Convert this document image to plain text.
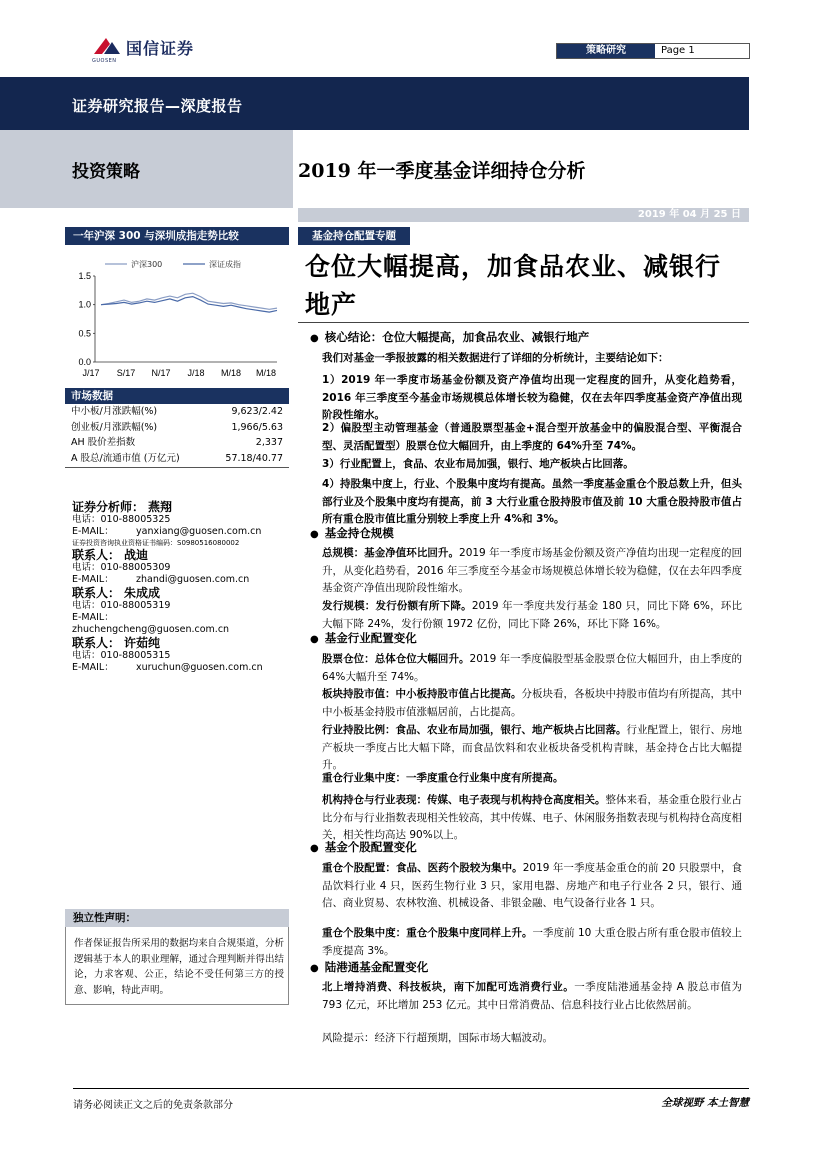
国信证券
GUOSEN
策略研究	Page 1
证券研究报告—深度报告
投资策略	2019 年一季度基金详细持仓分析
2019 年 04 月 25 日
一年沪深 300 与深圳成指走势比较
0.0
0.5
1.0
1.5
J/17 S/17 N/17 J/18 M/18 M/18
沪深300	深证成指
市场数据
中小板/月涨跌幅(%)	9,623/2.42
创业板/月涨跌幅(%)	1,966/5.63
AH 股价差指数	2,337
A 股总/流通市值 (万亿元)	57.18/40.77
证券分析师： 燕翔
电话：010-88005325
E-MAIL： yanxiang@guosen.com.cn
证券投资咨询执业资格证书编码：S0980516080002
联系人： 战迪
电话：010-88005309
E-MAIL： zhandi@guosen.com.cn
联系人： 朱成成
电话：010-88005319
E-MAIL：zhuchengcheng@guosen.com.cn
联系人： 许茹纯
电话：010-88005315
E-MAIL： xuruchun@guosen.com.cn
独立性声明：
作者保证报告所采用的数据均来自合规渠道，分析逻辑基于本人的职业理解，通过合理判断并得出结论，力求客观、公正，结论不受任何第三方的授意、影响，特此声明。
基金持仓配置专题
仓位大幅提高，加食品农业、减银行地产
● 核心结论：仓位大幅提高，加食品农业、减银行地产
我们对基金一季报披露的相关数据进行了详细的分析统计，主要结论如下：
1）2019 年一季度市场基金份额及资产净值均出现一定程度的回升，从变化趋势看，2016 年三季度至今基金市场规模总体增长较为稳健，仅在去年四季度基金资产净值出现阶段性缩水。
2）偏股型主动管理基金（普通股票型基金+混合型开放基金中的偏股混合型、平衡混合型、灵活配置型）股票仓位大幅回升，由上季度的 64%升至 74%。
3）行业配置上，食品、农业布局加强，银行、地产板块占比回落。
4）持股集中度上，行业、个股集中度均有提高。虽然一季度基金重仓个股总数上升，但头部行业及个股集中度均有提高，前 3 大行业重仓股持股市值及前 10 大重仓股持股市值占所有重仓股市值比重分别较上季度上升 4%和 3%。
● 基金持仓规模
总规模：基金净值环比回升。2019 年一季度市场基金份额及资产净值均出现一定程度的回升，从变化趋势看，2016 年三季度至今基金市场规模总体增长较为稳健，仅在去年四季度基金资产净值出现阶段性缩水。
发行规模：发行份额有所下降。2019 年一季度共发行基金 180 只，同比下降 6%，环比大幅下降 24%，发行份额 1972 亿份，同比下降 26%，环比下降 16%。
● 基金行业配置变化
股票仓位：总体仓位大幅回升。2019 年一季度偏股型基金股票仓位大幅回升，由上季度的 64%大幅升至 74%。
板块持股市值：中小板持股市值占比提高。分板块看，各板块中持股市值均有所提高，其中中小板基金持股市值涨幅居前，占比提高。
行业持股比例：食品、农业布局加强，银行、地产板块占比回落。行业配置上，银行、房地产板块一季度占比大幅下降，而食品饮料和农业板块备受机构青睐，基金持仓占比大幅提升。
重仓行业集中度：一季度重仓行业集中度有所提高。
机构持仓与行业表现：传媒、电子表现与机构持仓高度相关。整体来看，基金重仓股行业占比分布与行业指数表现相关性较高，其中传媒、电子、休闲服务指数表现与机构持仓高度相关，相关性均高达 90%以上。
● 基金个股配置变化
重仓个股配置：食品、医药个股较为集中。2019 年一季度基金重仓的前 20 只股票中，食品饮料行业 4 只，医药生物行业 3 只，家用电器、房地产和电子行业各 2 只，银行、通信、商业贸易、农林牧渔、机械设备、非银金融、电气设备行业各 1 只。
重仓个股集中度：重仓个股集中度同样上升。一季度前 10 大重仓股占所有重仓股市值较上季度提高 3%。
● 陆港通基金配置变化
北上增持消费、科技板块，南下加配可选消费行业。一季度陆港通基金持 A 股总市值为 793 亿元，环比增加 253 亿元。其中日常消费品、信息科技行业占比依然居前。
风险提示：经济下行超预期，国际市场大幅波动。
请务必阅读正文之后的免责条款部分	全球视野 本土智慧
